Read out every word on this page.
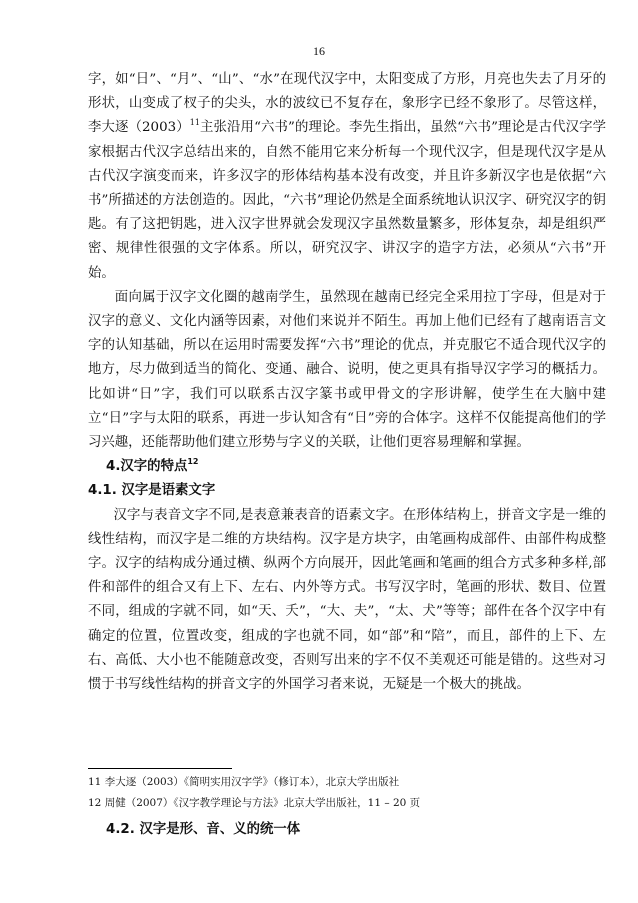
16

字，如“日”、“月”、“山”、“水”在现代汉字中，太阳变成了方形，月亮也失去了月牙的形状，山变成了杈子的尖头，水的波纹已不复存在，象形字已经不象形了。尽管这样，李大逐$(2003)^{11}$主张沿用“六书”的理论。李先生指出，虽然“六书”理论是古代汉字学家根据古代汉字总结出来的，自然不能用它来分析每一个现代汉字，但是现代汉字是从古代汉字演变而来，许多汉字的形体结构基本没有改变，并且许多新汉字也是依据“六书”所描述的方法创造的。因此，“六书”理论仍然是全面系统地认识汉字、研究汉字的钥匙。有了这把钥匙，进入汉字世界就会发现汉字虽然数量繁多，形体复杂，却是组织严密、规律性很强的文字体系。所以，研究汉字、讲汉字的造字方法，必须从“六书”开始。

面向属于汉字文化圈的越南学生，虽然现在越南已经完全采用拉丁字母，但是对于汉字的意义、文化内涵等因素，对他们来说并不陌生。再加上他们已经有了越南语言文字的认知基础，所以在运用时需要发挥“六书”理论的优点，并克服它不适合现代汉字的地方，尽力做到适当的简化、变通、融合、说明，使之更具有指导汉字学习的概括力。比如讲“日”字，我们可以联系古汉字篆书或甲骨文的字形讲解，使学生在大脑中建立“日”字与太阳的联系，再进一步认知含有“日”旁的合体字。这样不仅能提高他们的学习兴趣，还能帮助他们建立形势与字义的关联，让他们更容易理解和掌握。

4.汉字的特点$^{12}$

4.1. 汉字是语素文字

汉字与表音文字不同,是表意兼表音的语素文字。在形体结构上，拼音文字是一维的线性结构，而汉字是二维的方块结构。汉字是方块字，由笔画构成部件、由部件构成整字。汉字的结构成分通过横、纵两个方向展开，因此笔画和笔画的组合方式多种多样,部件和部件的组合又有上下、左右、内外等方式。书写汉字时，笔画的形状、数目、位置不同，组成的字就不同，如“天、夭”，“大、夫”，“太、犬”等等；部件在各个汉字中有确定的位置，位置改变，组成的字也就不同，如“部”和“陪”，而且，部件的上下、左右、高低、大小也不能随意改变，否则写出来的字不仅不美观还可能是错的。这些对习惯于书写线性结构的拼音文字的外国学习者来说，无疑是一个极大的挑战。

11 李大逐（2003）《简明实用汉字学》（修订本），北京大学出版社
12 周健（2007）《汉字教学理论与方法》北京大学出版社，11 – 20 页
4.2. 汉字是形、音、义的统一体
